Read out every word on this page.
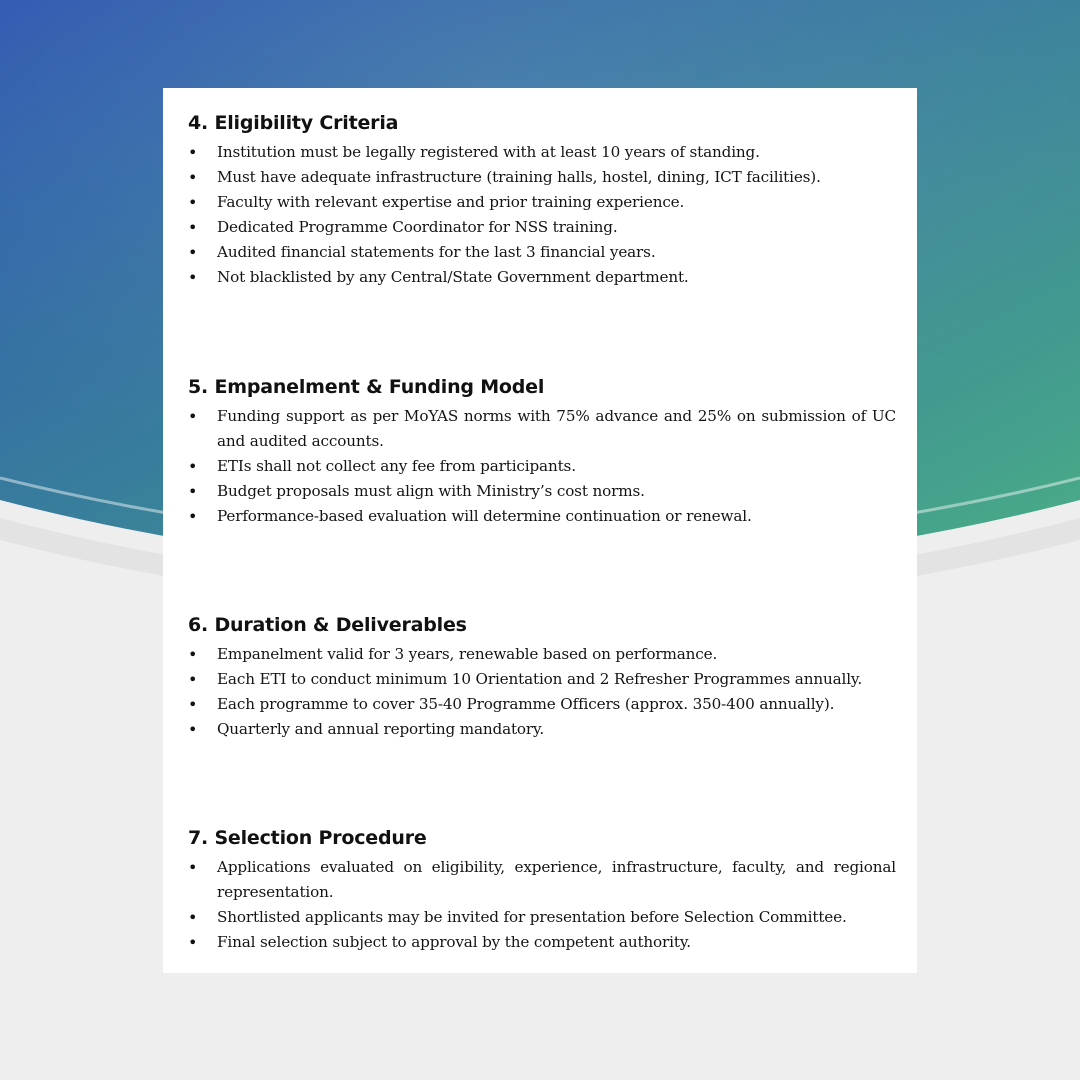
4. Eligibility Criteria
• Institution must be legally registered with at least 10 years of standing.
• Must have adequate infrastructure (training halls, hostel, dining, ICT facilities).
• Faculty with relevant expertise and prior training experience.
• Dedicated Programme Coordinator for NSS training.
• Audited financial statements for the last 3 financial years.
• Not blacklisted by any Central/State Government department.
5. Empanelment & Funding Model
• Funding support as per MoYAS norms with 75% advance and 25% on submission of UC and audited accounts.
• ETIs shall not collect any fee from participants.
• Budget proposals must align with Ministry’s cost norms.
• Performance-based evaluation will determine continuation or renewal.
6. Duration & Deliverables
• Empanelment valid for 3 years, renewable based on performance.
• Each ETI to conduct minimum 10 Orientation and 2 Refresher Programmes annually.
• Each programme to cover 35-40 Programme Officers (approx. 350-400 annually).
• Quarterly and annual reporting mandatory.
7. Selection Procedure
• Applications evaluated on eligibility, experience, infrastructure, faculty, and regional representation.
• Shortlisted applicants may be invited for presentation before Selection Committee.
• Final selection subject to approval by the competent authority.
